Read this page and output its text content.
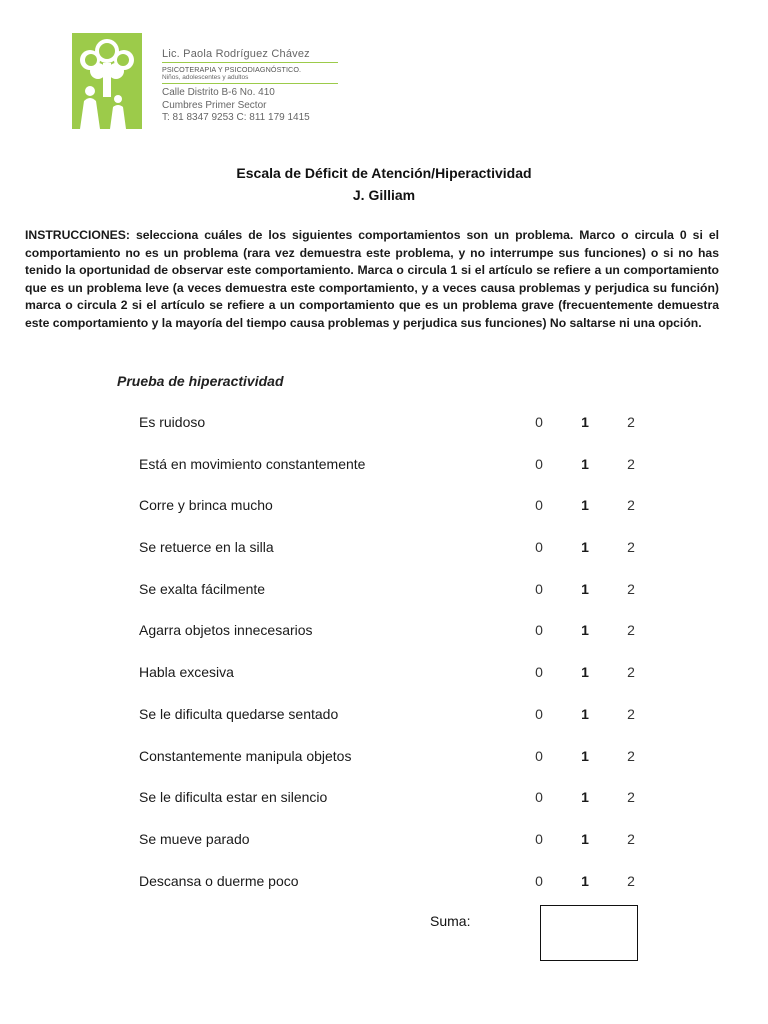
Lic. Paola Rodríguez Chávez
PSICOTERAPIA Y PSICODIAGNÓSTICO.
Niños, adolescentes y adultos
Calle Distrito B-6 No. 410
Cumbres Primer Sector
T: 81 8347 9253 C: 811 179 1415
Escala de Déficit de Atención/Hiperactividad
J. Gilliam
INSTRUCCIONES: selecciona cuáles de los siguientes comportamientos son un problema. Marco o circula 0 si el comportamiento no es un problema (rara vez demuestra este problema, y no interrumpe sus funciones) o si no has tenido la oportunidad de observar este comportamiento. Marca o circula 1 si el artículo se refiere a un comportamiento que es un problema leve (a veces demuestra este comportamiento, y a veces causa problemas y perjudica su función) marca o circula 2 si el artículo se refiere a un comportamiento que es un problema grave (frecuentemente demuestra este comportamiento y la mayoría del tiempo causa problemas y perjudica sus funciones) No saltarse ni una opción.
Prueba de hiperactividad
Es ruidoso	0	1	2
Está en movimiento constantemente	0	1	2
Corre y brinca mucho	0	1	2
Se retuerce en la silla	0	1	2
Se exalta fácilmente	0	1	2
Agarra objetos innecesarios	0	1	2
Habla excesiva	0	1	2
Se le dificulta quedarse sentado	0	1	2
Constantemente manipula objetos	0	1	2
Se le dificulta estar en silencio	0	1	2
Se mueve parado	0	1	2
Descansa o duerme poco	0	1	2
Suma:
